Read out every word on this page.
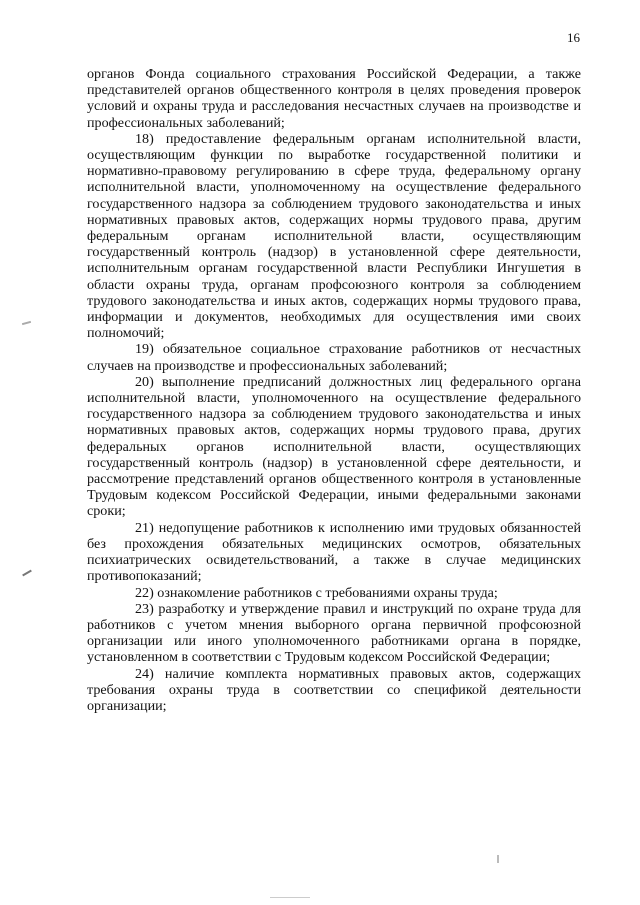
16

органов Фонда социального страхования Российской Федерации, а также представителей органов общественного контроля в целях проведения проверок условий и охраны труда и расследования несчастных случаев на производстве и профессиональных заболеваний;

18) предоставление федеральным органам исполнительной власти, осуществляющим функции по выработке государственной политики и нормативно-правовому регулированию в сфере труда, федеральному органу исполнительной власти, уполномоченному на осуществление федерального государственного надзора за соблюдением трудового законодательства и иных нормативных правовых актов, содержащих нормы трудового права, другим федеральным органам исполнительной власти, осуществляющим государственный контроль (надзор) в установленной сфере деятельности, исполнительным органам государственной власти Республики Ингушетия в области охраны труда, органам профсоюзного контроля за соблюдением трудового законодательства и иных актов, содержащих нормы трудового права, информации и документов, необходимых для осуществления ими своих полномочий;

19) обязательное социальное страхование работников от несчастных случаев на производстве и профессиональных заболеваний;

20) выполнение предписаний должностных лиц федерального органа исполнительной власти, уполномоченного на осуществление федерального государственного надзора за соблюдением трудового законодательства и иных нормативных правовых актов, содержащих нормы трудового права, других федеральных органов исполнительной власти, осуществляющих государственный контроль (надзор) в установленной сфере деятельности, и рассмотрение представлений органов общественного контроля в установленные Трудовым кодексом Российской Федерации, иными федеральными законами сроки;

21) недопущение работников к исполнению ими трудовых обязанностей без прохождения обязательных медицинских осмотров, обязательных психиатрических освидетельствований, а также в случае медицинских противопоказаний;

22) ознакомление работников с требованиями охраны труда;

23) разработку и утверждение правил и инструкций по охране труда для работников с учетом мнения выборного органа первичной профсоюзной организации или иного уполномоченного работниками органа в порядке, установленном в соответствии с Трудовым кодексом Российской Федерации;

24) наличие комплекта нормативных правовых актов, содержащих требования охраны труда в соответствии со спецификой деятельности организации;
